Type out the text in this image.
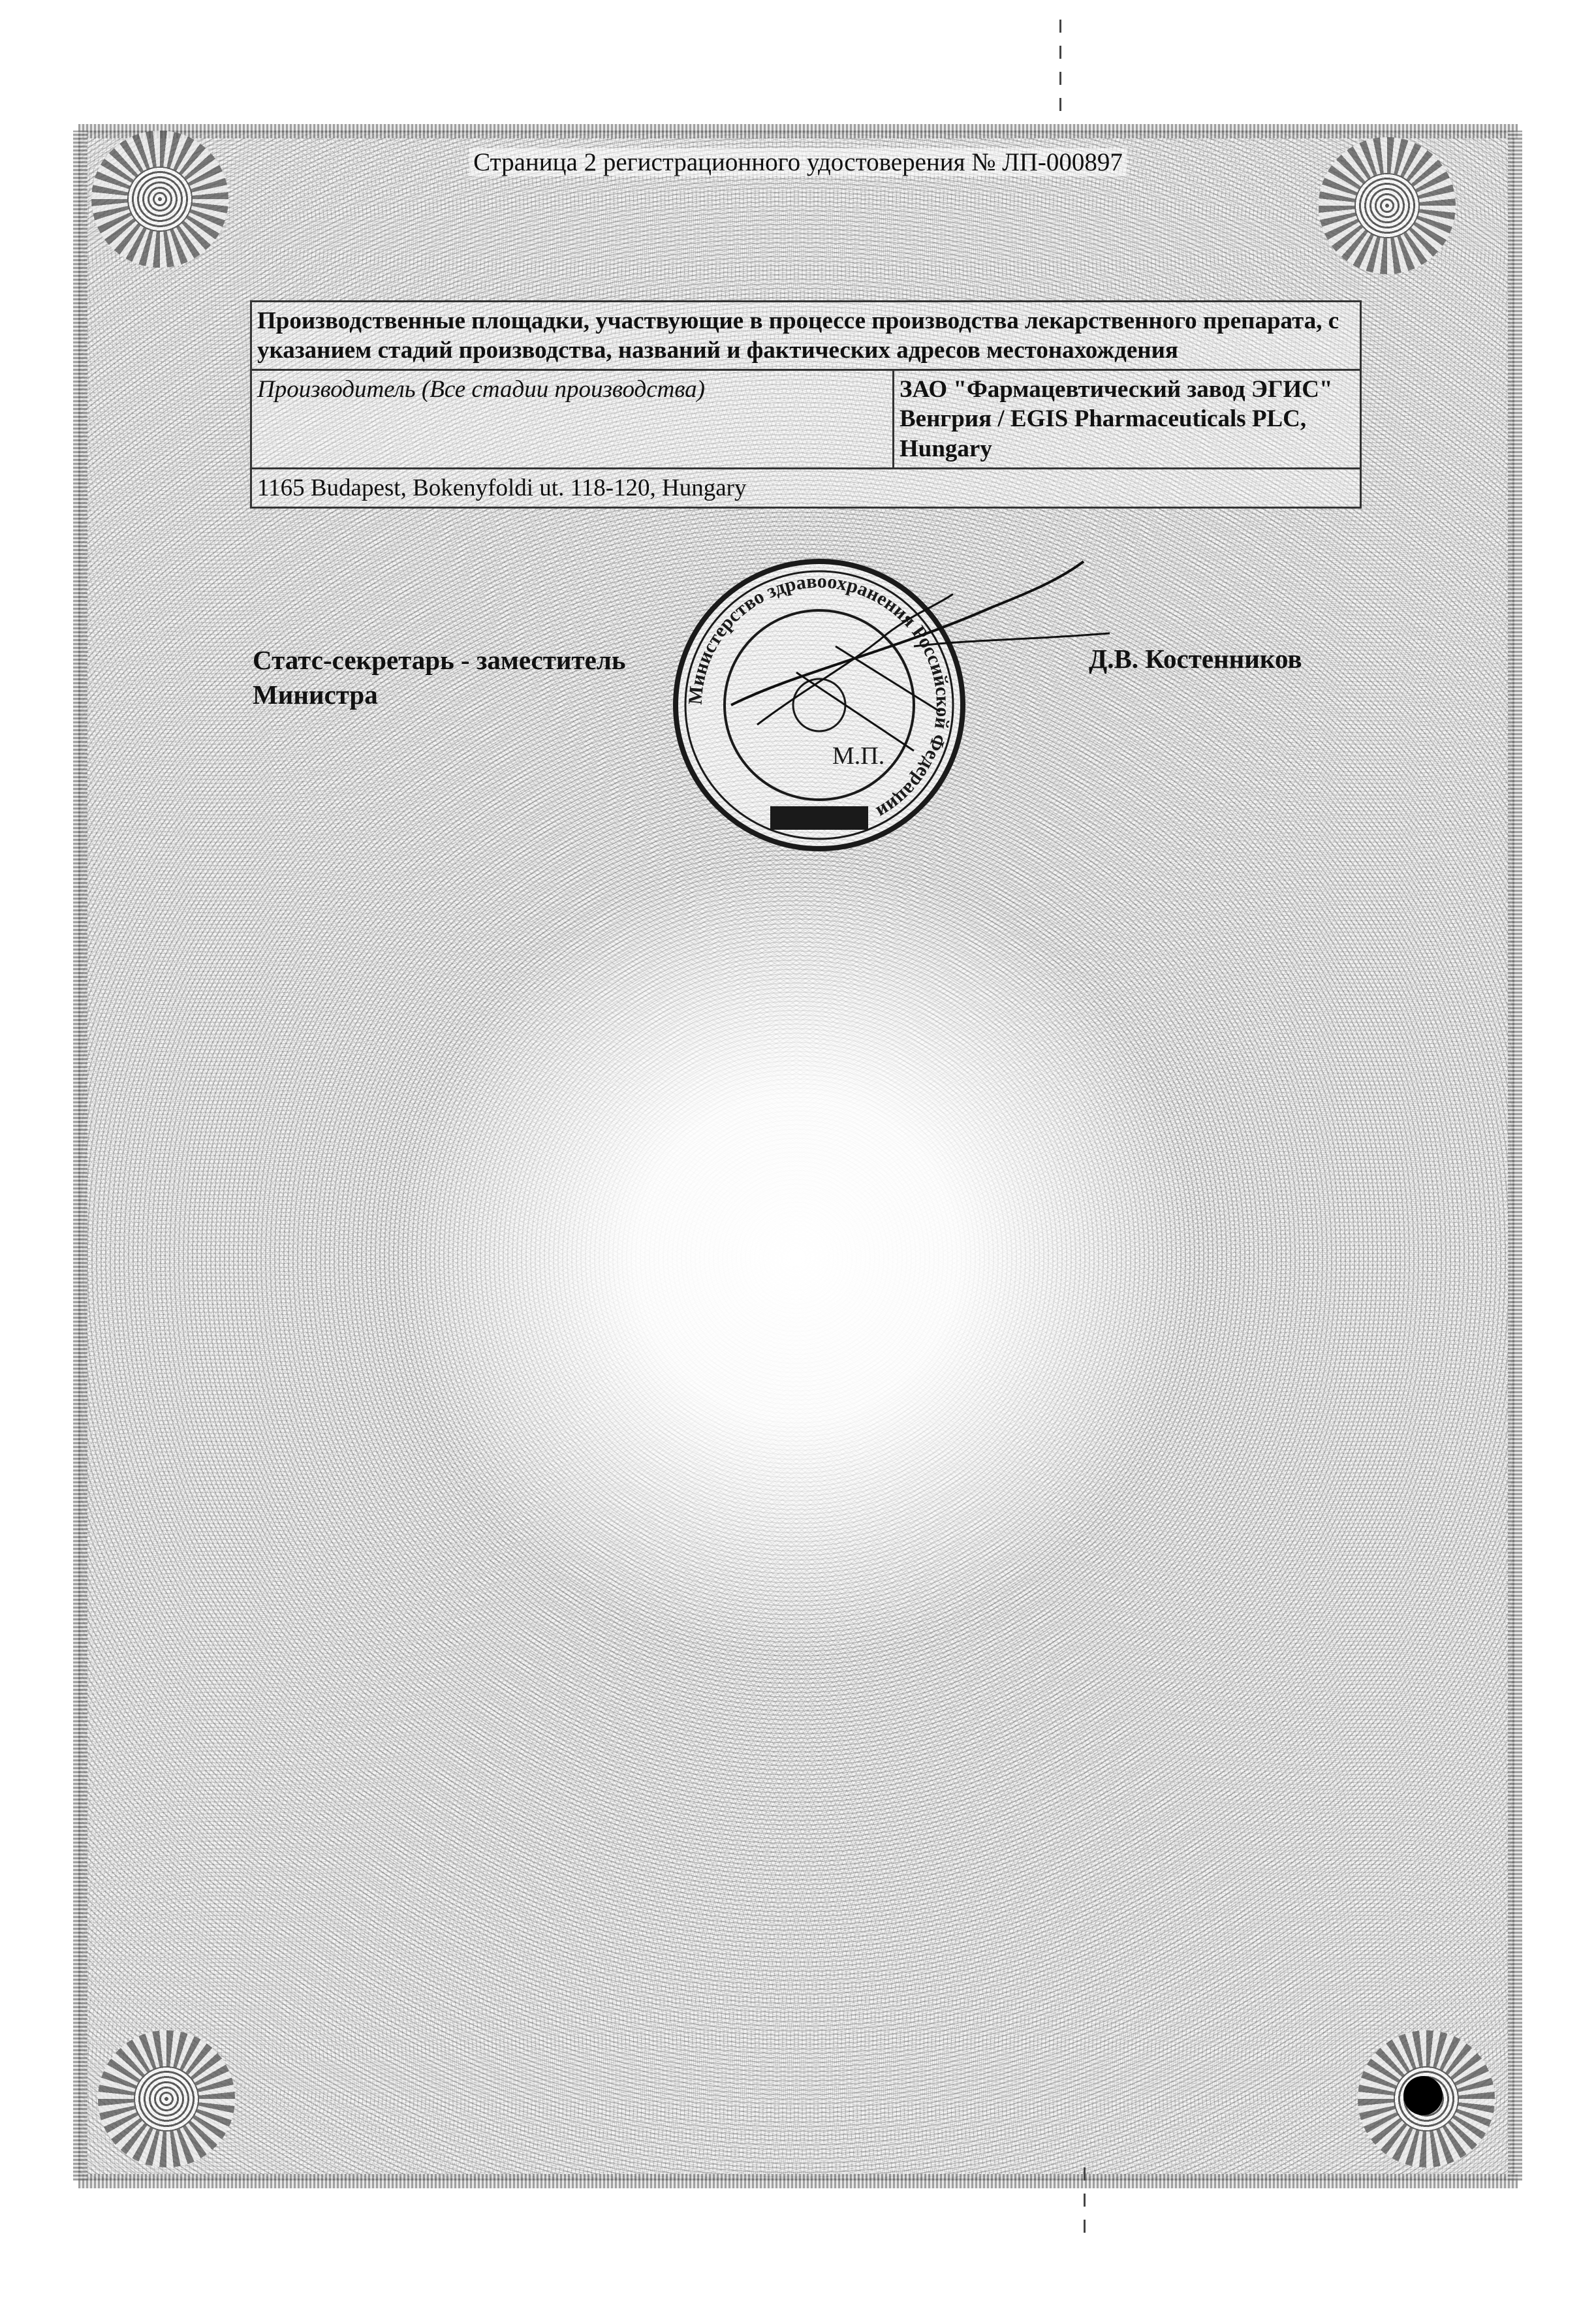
Страница 2 регистрационного удостоверения № ЛП-000897
Производственные площадки, участвующие в процессе производства лекарственного препарата, с указанием стадий производства, названий и фактических адресов местонахождения
Производитель (Все стадии производства)	ЗАО "Фармацевтический завод ЭГИС" Венгрия / EGIS Pharmaceuticals PLC, Hungary
1165 Budapest, Bokenyfoldi ut. 118-120, Hungary
Статс-секретарь - заместитель
Министра
Д.В. Костенников
Министерство здравоохранения Российской Федерации
М.П.
